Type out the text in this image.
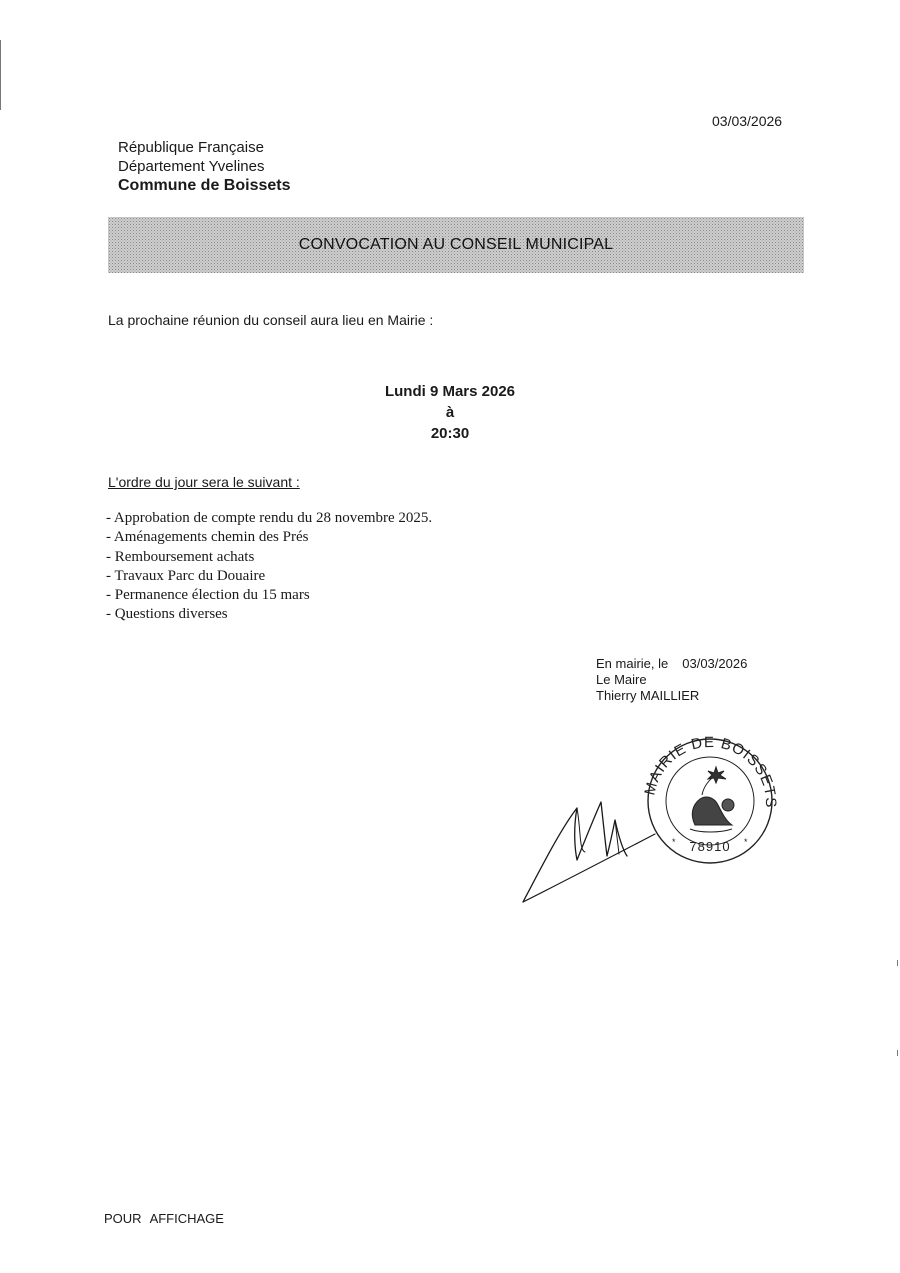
03/03/2026
République Française
Département Yvelines
Commune de Boissets
CONVOCATION AU CONSEIL MUNICIPAL
La prochaine réunion du conseil aura lieu en Mairie :
Lundi 9 Mars 2026
à
20:30
L'ordre du jour sera le suivant :
- Approbation de compte rendu du 28 novembre 2025.
- Aménagements chemin des Prés
- Remboursement achats
- Travaux Parc du Douaire
- Permanence élection du 15 mars
- Questions diverses
En mairie, le 03/03/2026
Le Maire
Thierry MAILLIER
MAIRIE DE BOISSETS
78910
*	*
POUR AFFICHAGE
